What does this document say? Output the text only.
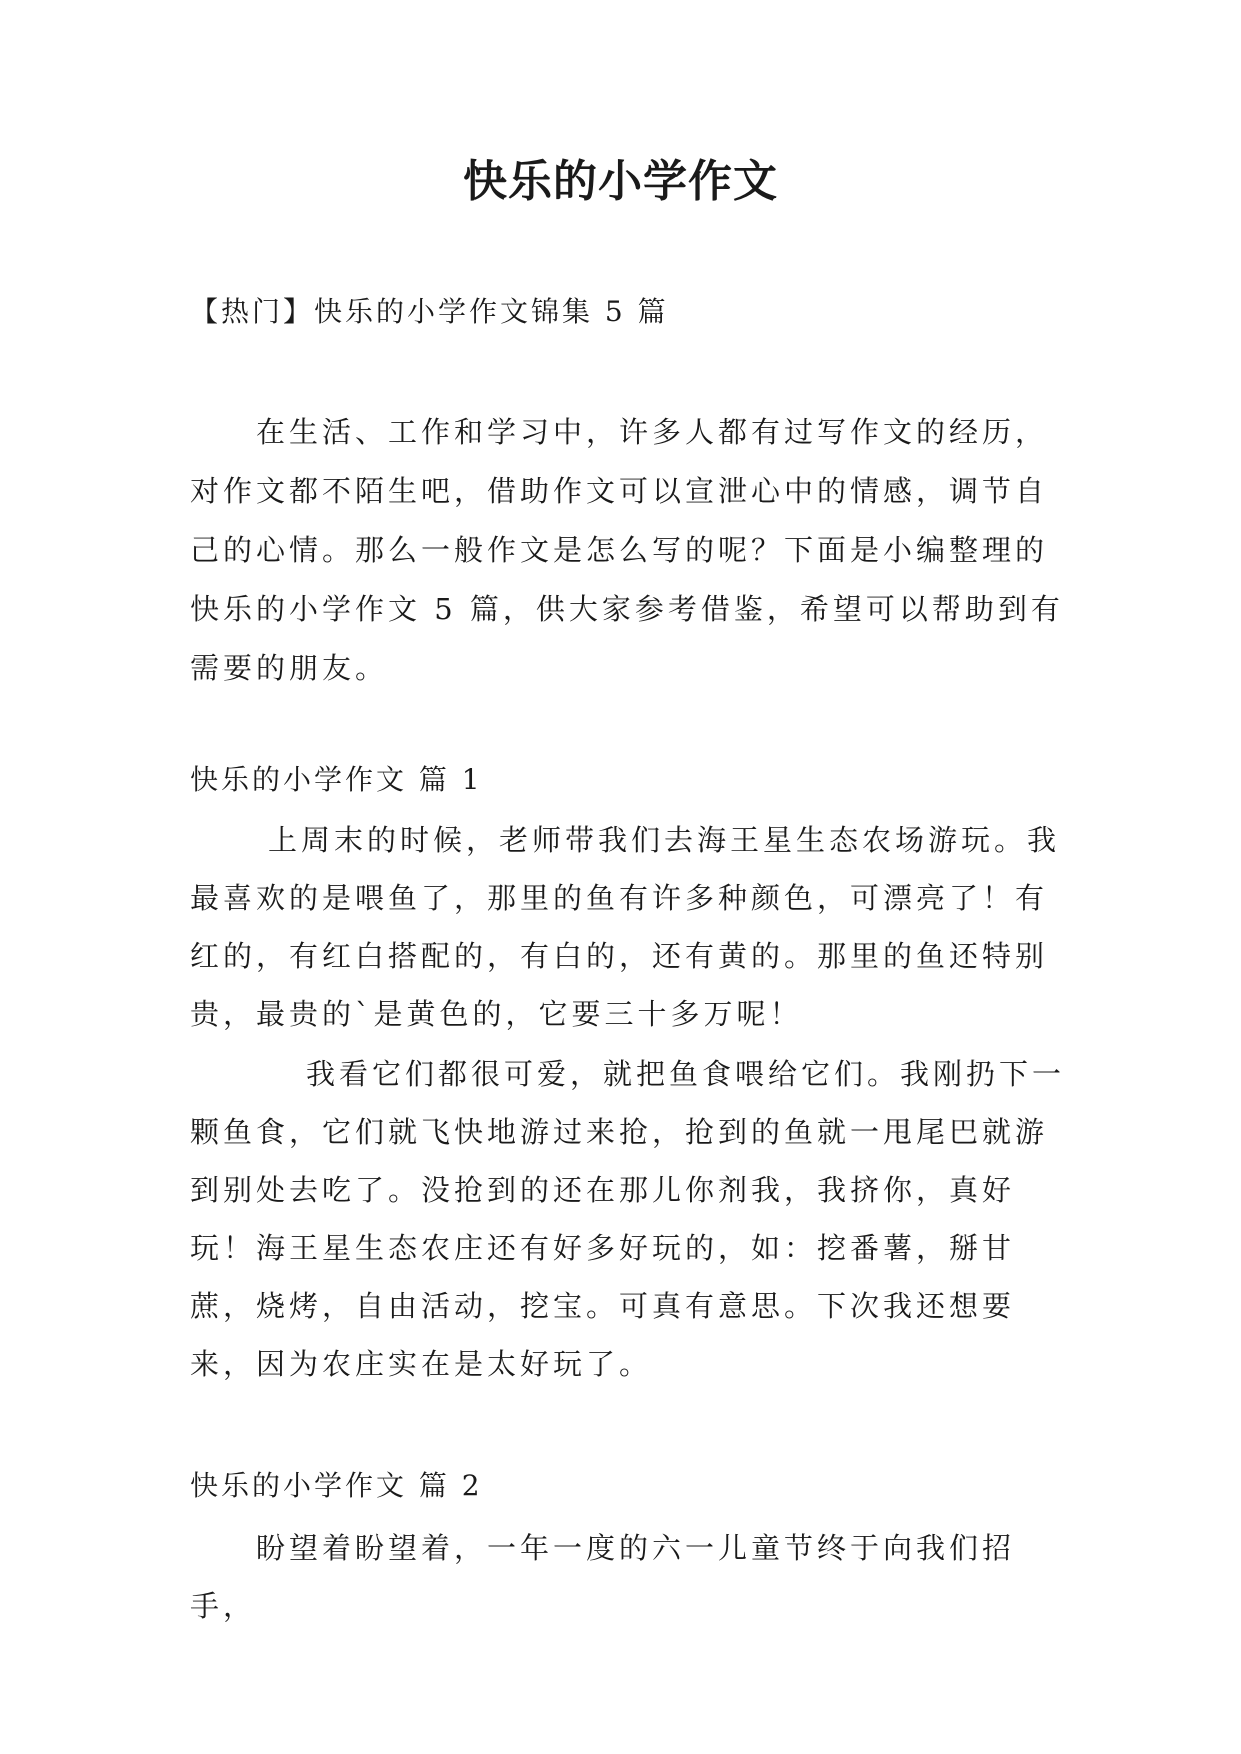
快乐的小学作文

【热门】快乐的小学作文锦集 5 篇

在生活、工作和学习中，许多人都有过写作文的经历，对作文都不陌生吧，借助作文可以宣泄心中的情感，调节自己的心情。那么一般作文是怎么写的呢？下面是小编整理的快乐的小学作文 5 篇，供大家参考借鉴，希望可以帮助到有需要的朋友。

快乐的小学作文 篇 1

上周末的时候，老师带我们去海王星生态农场游玩。我最喜欢的是喂鱼了，那里的鱼有许多种颜色，可漂亮了！有红的，有红白搭配的，有白的，还有黄的。那里的鱼还特别贵，最贵的`是黄色的，它要三十多万呢！

我看它们都很可爱，就把鱼食喂给它们。我刚扔下一颗鱼食，它们就飞快地游过来抢，抢到的鱼就一甩尾巴就游到别处去吃了。没抢到的还在那儿你剂我，我挤你，真好玩！海王星生态农庄还有好多好玩的，如：挖番薯，掰甘蔗，烧烤，自由活动，挖宝。可真有意思。下次我还想要来，因为农庄实在是太好玩了。

快乐的小学作文 篇 2

盼望着盼望着，一年一度的六一儿童节终于向我们招手，
